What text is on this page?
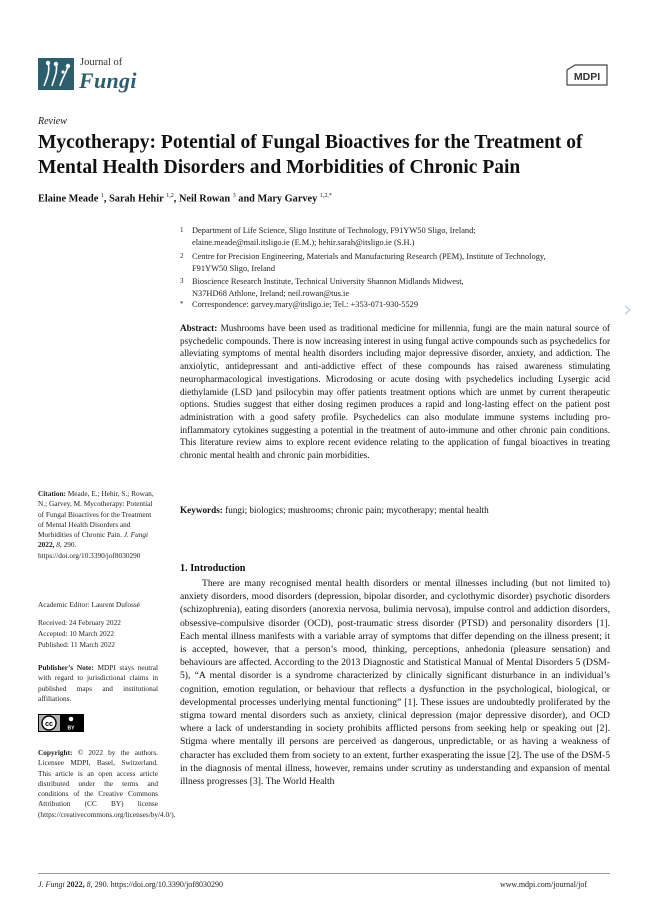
Journal of
Fungi	MDPI
Review
Mycotherapy: Potential of Fungal Bioactives for the Treatment of Mental Health Disorders and Morbidities of Chronic Pain
Elaine Meade $^1$, Sarah Hehir $^{1,2}$, Neil Rowan $^3$ and Mary Garvey $^{1,2,*}$
1 Department of Life Science, Sligo Institute of Technology, F91YW50 Sligo, Ireland;
elaine.meade@mail.itsligo.ie (E.M.); hehir.sarah@itsligo.ie (S.H.)
2 Centre for Precision Engineering, Materials and Manufacturing Research (PEM), Institute of Technology,
F91YW50 Sligo, Ireland
3 Bioscience Research Institute, Technical University Shannon Midlands Midwest,
N37HD68 Athlone, Ireland; neil.rowan@tus.ie
* Correspondence: garvey.mary@itsligo.ie; Tel.: +353-071-930-5529
Abstract: Mushrooms have been used as traditional medicine for millennia, fungi are the main natural source of psychedelic compounds. There is now increasing interest in using fungal active compounds such as psychedelics for alleviating symptoms of mental health disorders including major depressive disorder, anxiety, and addiction. The anxiolytic, antidepressant and anti-addictive effect of these compounds has raised awareness stimulating neuropharmacological investigations. Microdosing or acute dosing with psychedelics including Lysergic acid diethylamide (LSD )and psilocybin may offer patients treatment options which are unmet by current therapeutic options. Studies suggest that either dosing regimen produces a rapid and long-lasting effect on the patient post administration with a good safety profile. Psychedelics can also modulate immune systems including pro-inflammatory cytokines suggesting a potential in the treatment of auto-immune and other chronic pain conditions. This literature review aims to explore recent evidence relating to the application of fungal bioactives in treating chronic mental health and chronic pain morbidities.
Keywords: fungi; biologics; mushrooms; chronic pain; mycotherapy; mental health
Citation: Meade, E.; Hehir, S.; Rowan, N.; Garvey, M. Mycotherapy: Potential of Fungal Bioactives for the Treatment of Mental Health Disorders and Morbidities of Chronic Pain. J. Fungi 2022, 8, 290. https://doi.org/10.3390/jof8030290
Academic Editor: Laurent Dufossé
Received: 24 February 2022
Accepted: 10 March 2022
Published: 11 March 2022
Publisher’s Note: MDPI stays neutral with regard to jurisdictional claims in published maps and institutional affiliations.
cc
BY
Copyright: © 2022 by the authors. Licensee MDPI, Basel, Switzerland. This article is an open access article distributed under the terms and conditions of the Creative Commons Attribution (CC BY) license (https://creativecommons.org/licenses/by/4.0/).
1. Introduction

There are many recognised mental health disorders or mental illnesses including (but not limited to) anxiety disorders, mood disorders (depression, bipolar disorder, and cyclothymic disorder) psychotic disorders (schizophrenia), eating disorders (anorexia nervosa, bulimia nervosa), impulse control and addiction disorders, obsessive-compulsive disorder (OCD), post-traumatic stress disorder (PTSD) and personality disorders [1]. Each mental illness manifests with a variable array of symptoms that differ depending on the illness present; it is accepted, however, that a person’s mood, thinking, perceptions, anhedonia (pleasure sensation) and behaviours are affected. According to the 2013 Diagnostic and Statistical Manual of Mental Disorders 5 (DSM-5), “A mental disorder is a syndrome characterized by clinically significant disturbance in an individual’s cognition, emotion regulation, or behaviour that reflects a dysfunction in the psychological, biological, or developmental processes underlying mental functioning” [1]. These issues are undoubtedly proliferated by the stigma toward mental disorders such as anxiety, clinical depression (major depressive disorder), and OCD where a lack of understanding in society prohibits afflicted persons from seeking help or speaking out [2]. Stigma where mentally ill persons are perceived as dangerous, unpredictable, or as having a weakness of character has excluded them from society to an extent, further exasperating the issue [2]. The use of the DSM-5 in the diagnosis of mental illness, however, remains under scrutiny as understanding and expansion of mental illness progresses [3]. The World Health

J. Fungi 2022, 8, 290. https://doi.org/10.3390/jof8030290	www.mdpi.com/journal/jof
